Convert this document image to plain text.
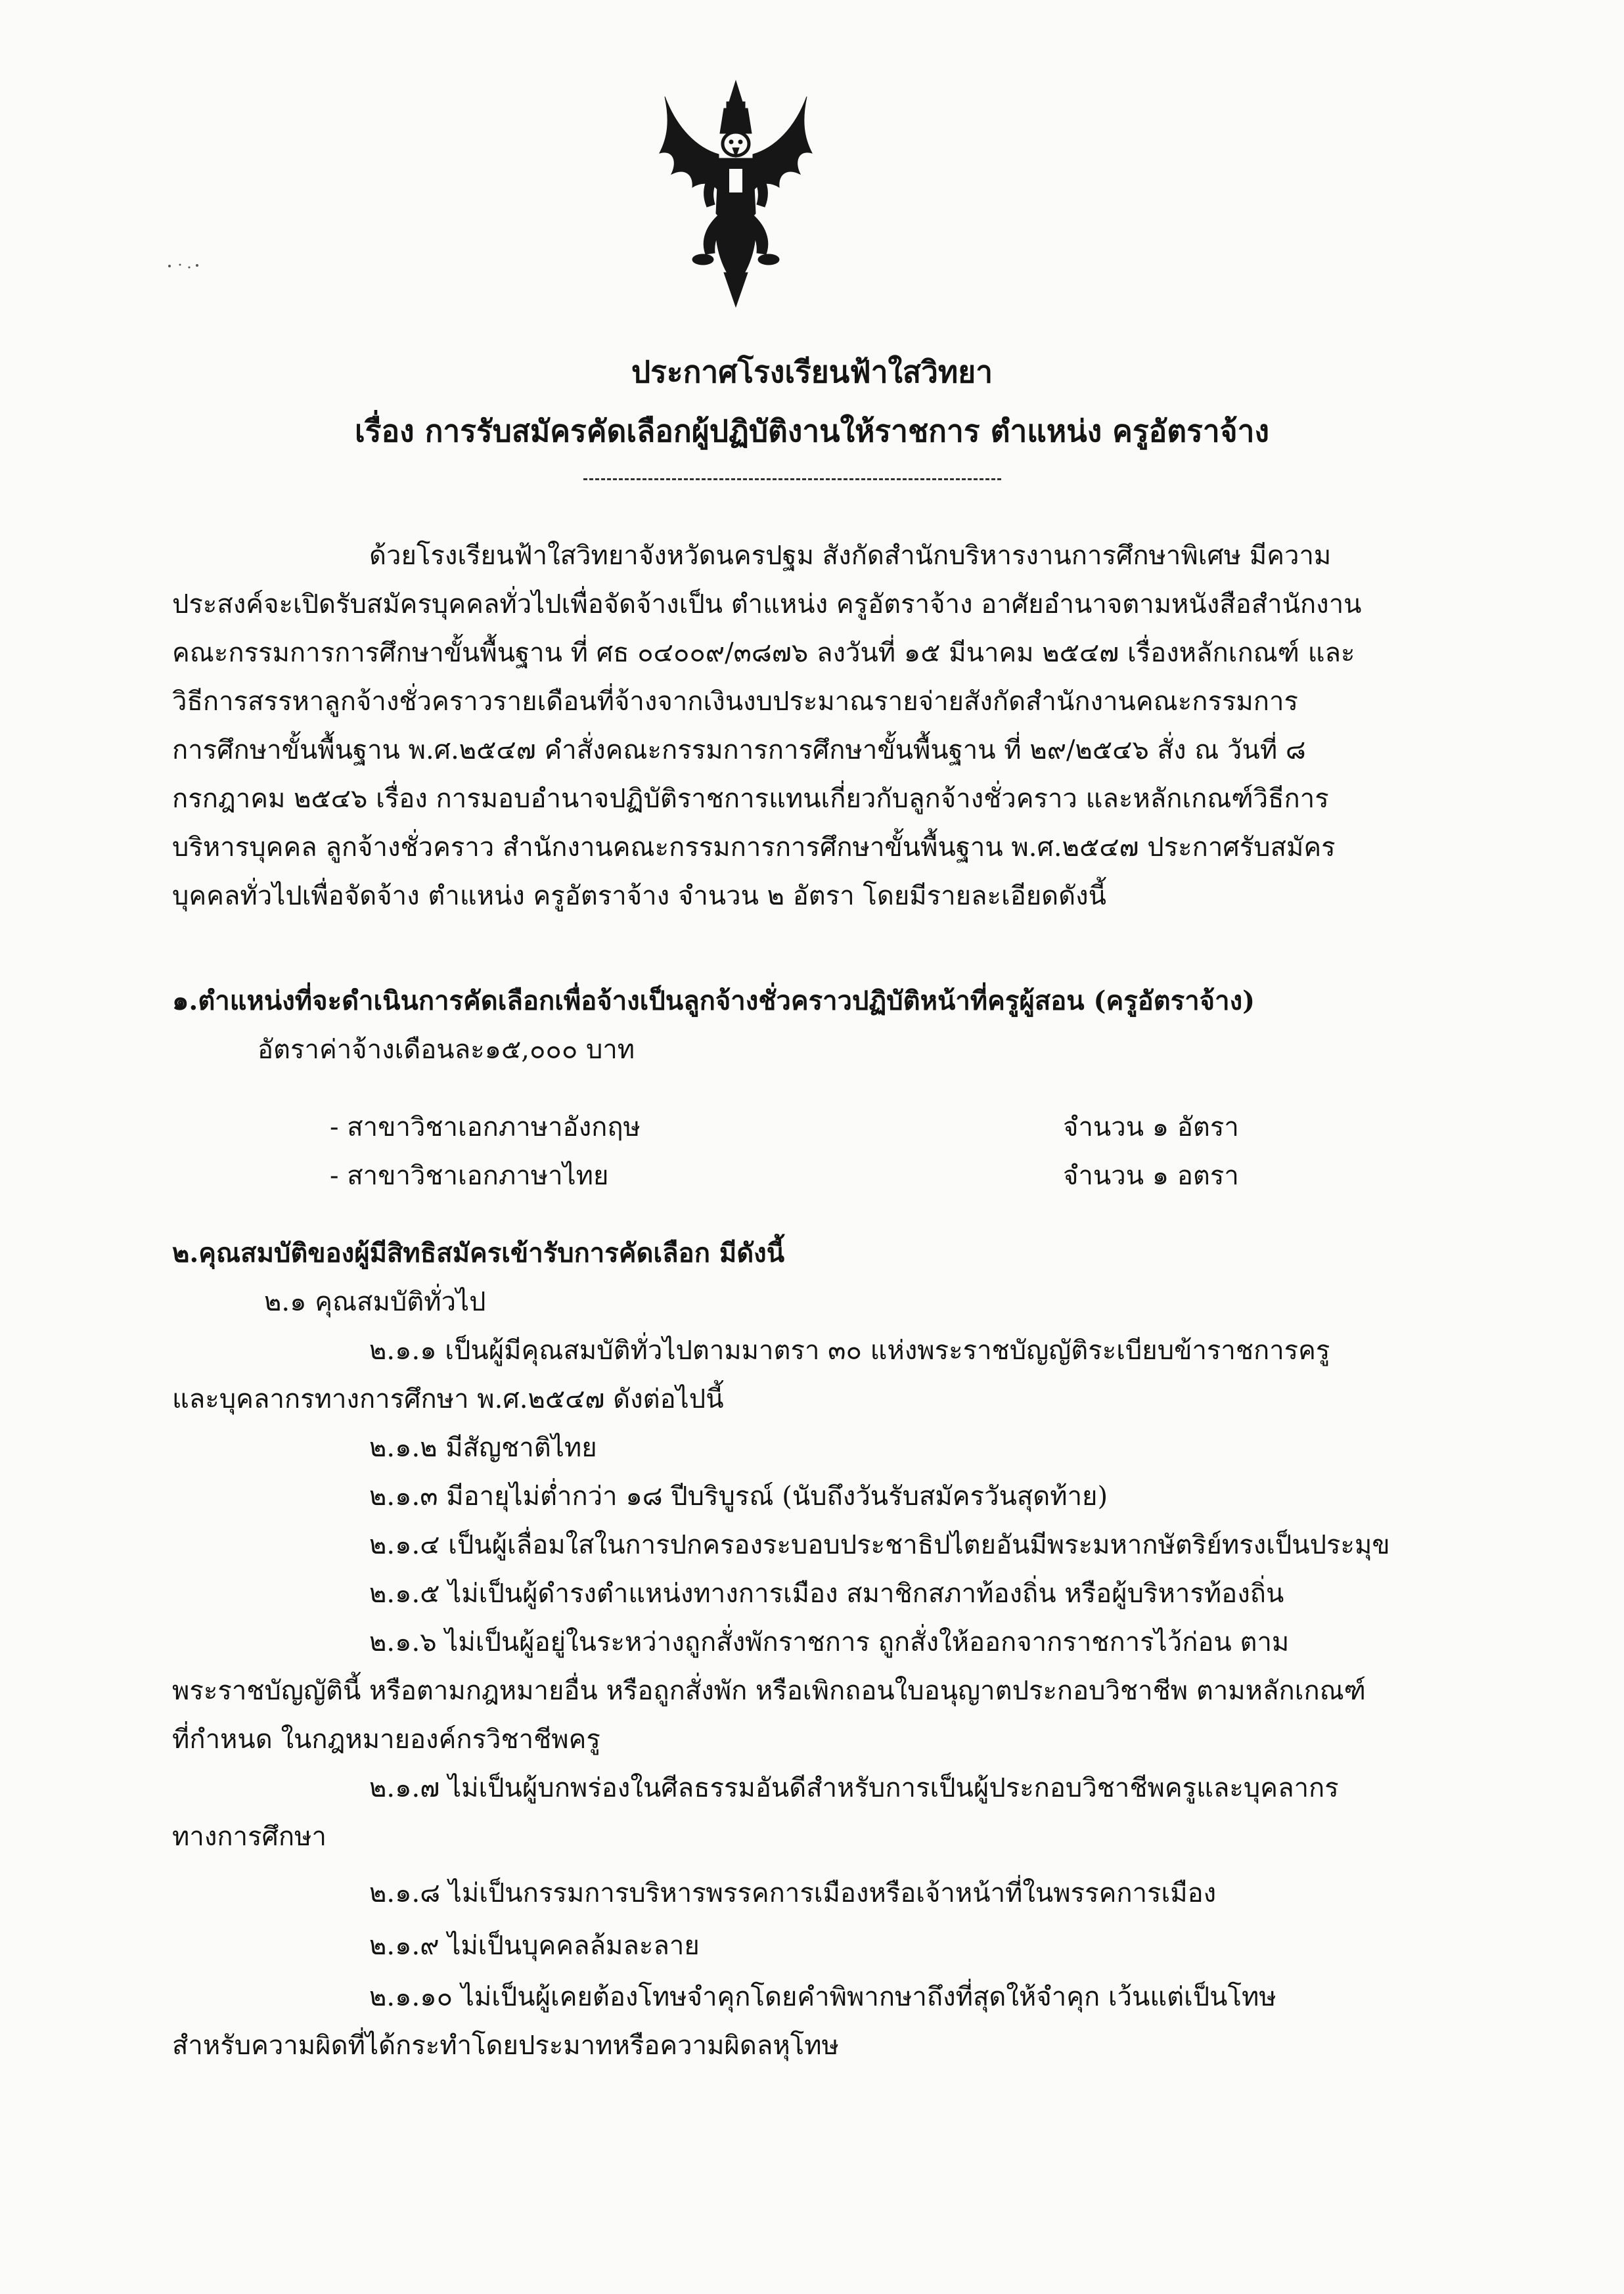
ประกาศโรงเรียนฟ้าใสวิทยา
เรื่อง การรับสมัครคัดเลือกผู้ปฏิบัติงานให้ราชการ ตำแหน่ง ครูอัตราจ้าง
ด้วยโรงเรียนฟ้าใสวิทยาจังหวัดนครปฐม สังกัดสำนักบริหารงานการศึกษาพิเศษ มีความ
ประสงค์จะเปิดรับสมัครบุคคลทั่วไปเพื่อจัดจ้างเป็น ตำแหน่ง ครูอัตราจ้าง อาศัยอำนาจตามหนังสือสำนักงาน
คณะกรรมการการศึกษาขั้นพื้นฐาน ที่ ศธ ๐๔๐๐๙/๓๘๗๖ ลงวันที่ ๑๕ มีนาคม ๒๕๔๗ เรื่องหลักเกณฑ์ และ
วิธีการสรรหาลูกจ้างชั่วคราวรายเดือนที่จ้างจากเงินงบประมาณรายจ่ายสังกัดสำนักงานคณะกรรมการ
การศึกษาขั้นพื้นฐาน พ.ศ.๒๕๔๗ คำสั่งคณะกรรมการการศึกษาขั้นพื้นฐาน ที่ ๒๙/๒๕๔๖ สั่ง ณ วันที่ ๘
กรกฎาคม ๒๕๔๖ เรื่อง การมอบอำนาจปฏิบัติราชการแทนเกี่ยวกับลูกจ้างชั่วคราว และหลักเกณฑ์วิธีการ
บริหารบุคคล ลูกจ้างชั่วคราว สำนักงานคณะกรรมการการศึกษาขั้นพื้นฐาน พ.ศ.๒๕๔๗ ประกาศรับสมัคร
บุคคลทั่วไปเพื่อจัดจ้าง ตำแหน่ง ครูอัตราจ้าง จำนวน ๒ อัตรา โดยมีรายละเอียดดังนี้
๑.ตำแหน่งที่จะดำเนินการคัดเลือกเพื่อจ้างเป็นลูกจ้างชั่วคราวปฏิบัติหน้าที่ครูผู้สอน (ครูอัตราจ้าง)
อัตราค่าจ้างเดือนละ๑๕,๐๐๐ บาท
- สาขาวิชาเอกภาษาอังกฤษ	จำนวน ๑ อัตรา
- สาขาวิชาเอกภาษาไทย	จำนวน ๑ อตรา
๒.คุณสมบัติของผู้มีสิทธิสมัครเข้ารับการคัดเลือก มีดังนี้
๒.๑ คุณสมบัติทั่วไป
๒.๑.๑ เป็นผู้มีคุณสมบัติทั่วไปตามมาตรา ๓๐ แห่งพระราชบัญญัติระเบียบข้าราชการครู
และบุคลากรทางการศึกษา พ.ศ.๒๕๔๗ ดังต่อไปนี้
๒.๑.๒ มีสัญชาติไทย
๒.๑.๓ มีอายุไม่ต่ำกว่า ๑๘ ปีบริบูรณ์ (นับถึงวันรับสมัครวันสุดท้าย)
๒.๑.๔ เป็นผู้เลื่อมใสในการปกครองระบอบประชาธิปไตยอันมีพระมหากษัตริย์ทรงเป็นประมุข
๒.๑.๕ ไม่เป็นผู้ดำรงตำแหน่งทางการเมือง สมาชิกสภาท้องถิ่น หรือผู้บริหารท้องถิ่น
๒.๑.๖ ไม่เป็นผู้อยู่ในระหว่างถูกสั่งพักราชการ ถูกสั่งให้ออกจากราชการไว้ก่อน ตาม
พระราชบัญญัตินี้ หรือตามกฎหมายอื่น หรือถูกสั่งพัก หรือเพิกถอนใบอนุญาตประกอบวิชาชีพ ตามหลักเกณฑ์
ที่กำหนด ในกฎหมายองค์กรวิชาชีพครู
๒.๑.๗ ไม่เป็นผู้บกพร่องในศีลธรรมอันดีสำหรับการเป็นผู้ประกอบวิชาชีพครูและบุคลากร
ทางการศึกษา
๒.๑.๘ ไม่เป็นกรรมการบริหารพรรคการเมืองหรือเจ้าหน้าที่ในพรรคการเมือง
๒.๑.๙ ไม่เป็นบุคคลล้มละลาย
๒.๑.๑๐ ไม่เป็นผู้เคยต้องโทษจำคุกโดยคำพิพากษาถึงที่สุดให้จำคุก เว้นแต่เป็นโทษ
สำหรับความผิดที่ได้กระทำโดยประมาทหรือความผิดลหุโทษ
